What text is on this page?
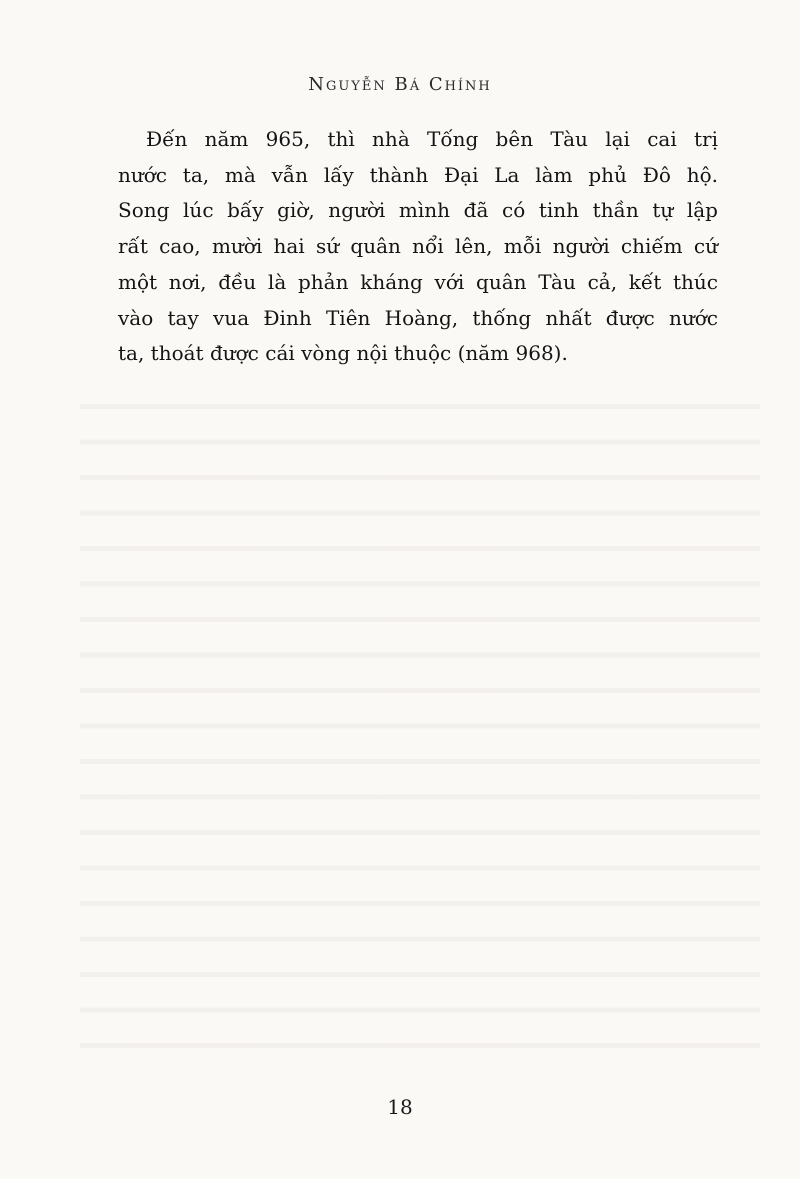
Nguyễn Bá Chính
Đến năm 965, thì nhà Tống bên Tàu lại cai trị
nước ta, mà vẫn lấy thành Đại La làm phủ Đô hộ.
Song lúc bấy giờ, người mình đã có tinh thần tự lập
rất cao, mười hai sứ quân nổi lên, mỗi người chiếm cứ
một nơi, đều là phản kháng với quân Tàu cả, kết thúc
vào tay vua Đinh Tiên Hoàng, thống nhất được nước
ta, thoát được cái vòng nội thuộc (năm 968).
18
